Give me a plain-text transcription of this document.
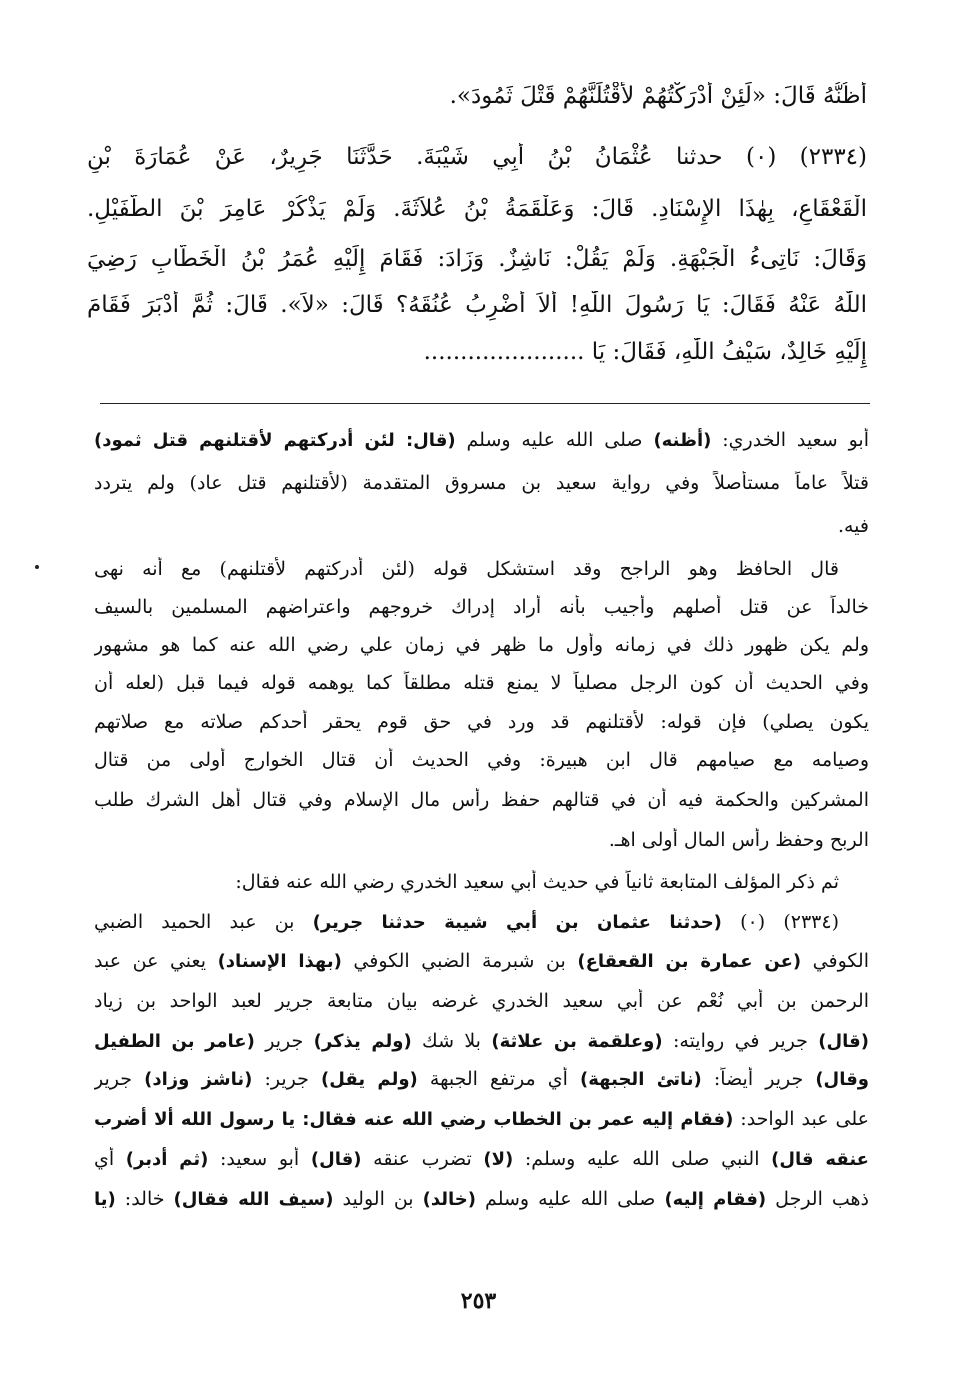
أَظُنُّهُ قَالَ: «لَئِنْ أَدْرَكْتُهُمْ لأَقْتُلَنَّهُمْ قَتْلَ ثَمُودَ».
(٢٣٣٤) (٠) حدثنا عُثْمَانُ بْنُ أَبِي شَيْبَةَ. حَدَّثَنَا جَرِيرٌ، عَنْ عُمَارَةَ بْنِ
الْقَعْقَاعِ، بِهٰذَا الإِسْنَادِ. قَالَ: وَعَلْقَمَةُ بْنُ عُلاَثَةَ. وَلَمْ يَذْكُرْ عَامِرَ بْنَ الطُّفَيْلِ.
وَقَالَ: نَاتِىءُ الْجَبْهَةِ. وَلَمْ يَقُلْ: نَاشِزٌ. وَزَادَ: فَقَامَ إِلَيْهِ عُمَرُ بْنُ الْخَطَّابِ رَضِيَ
اللّٰهُ عَنْهُ فَقَالَ: يَا رَسُولَ اللّٰهِ! أَلاَ أَضْرِبُ عُنُقَهُ؟ قَالَ: «لاَ». قَالَ: ثُمَّ أَدْبَرَ فَقَامَ
إِلَيْهِ خَالِدٌ، سَيْفُ اللّٰهِ، فَقَالَ: يَا ......................
أبو سعيد الخدري: (أظنه) صلى الله عليه وسلم (قال: لئن أدركتهم لأقتلنهم قتل ثمود)
قتلاً عاماً مستأصلاً وفي رواية سعيد بن مسروق المتقدمة (لأقتلنهم قتل عاد) ولم يتردد
فيه.
قال الحافظ وهو الراجح وقد استشكل قوله (لئن أدركتهم لأقتلنهم) مع أنه نهى
خالداً عن قتل أصلهم وأجيب بأنه أراد إدراك خروجهم واعتراضهم المسلمين بالسيف
ولم يكن ظهور ذلك في زمانه وأول ما ظهر في زمان علي رضي الله عنه كما هو مشهور
وفي الحديث أن كون الرجل مصلياً لا يمنع قتله مطلقاً كما يوهمه قوله فيما قبل (لعله أن
يكون يصلي) فإن قوله: لأقتلنهم قد ورد في حق قوم يحقر أحدكم صلاته مع صلاتهم
وصيامه مع صيامهم قال ابن هبيرة: وفي الحديث أن قتال الخوارج أولى من قتال
المشركين والحكمة فيه أن في قتالهم حفظ رأس مال الإسلام وفي قتال أهل الشرك طلب
الربح وحفظ رأس المال أولى اهـ.
ثم ذكر المؤلف المتابعة ثانياً في حديث أبي سعيد الخدري رضي الله عنه فقال:
(٢٣٣٤) (٠) (حدثنا عثمان بن أبي شيبة حدثنا جرير) بن عبد الحميد الضبي
الكوفي (عن عمارة بن القعقاع) بن شبرمة الضبي الكوفي (بهذا الإسناد) يعني عن عبد
الرحمن بن أبي نُعْم عن أبي سعيد الخدري غرضه بيان متابعة جرير لعبد الواحد بن زياد
(قال) جرير في روايته: (وعلقمة بن علاثة) بلا شك (ولم يذكر) جرير (عامر بن الطفيل
وقال) جرير أيضاً: (ناتئ الجبهة) أي مرتفع الجبهة (ولم يقل) جرير: (ناشز وزاد) جرير
على عبد الواحد: (فقام إليه عمر بن الخطاب رضي الله عنه فقال: يا رسول الله ألا أضرب
عنقه قال) النبي صلى الله عليه وسلم: (لا) تضرب عنقه (قال) أبو سعيد: (ثم أدبر) أي
ذهب الرجل (فقام إليه) صلى الله عليه وسلم (خالد) بن الوليد (سيف الله فقال) خالد: (يا
٢٥٣
